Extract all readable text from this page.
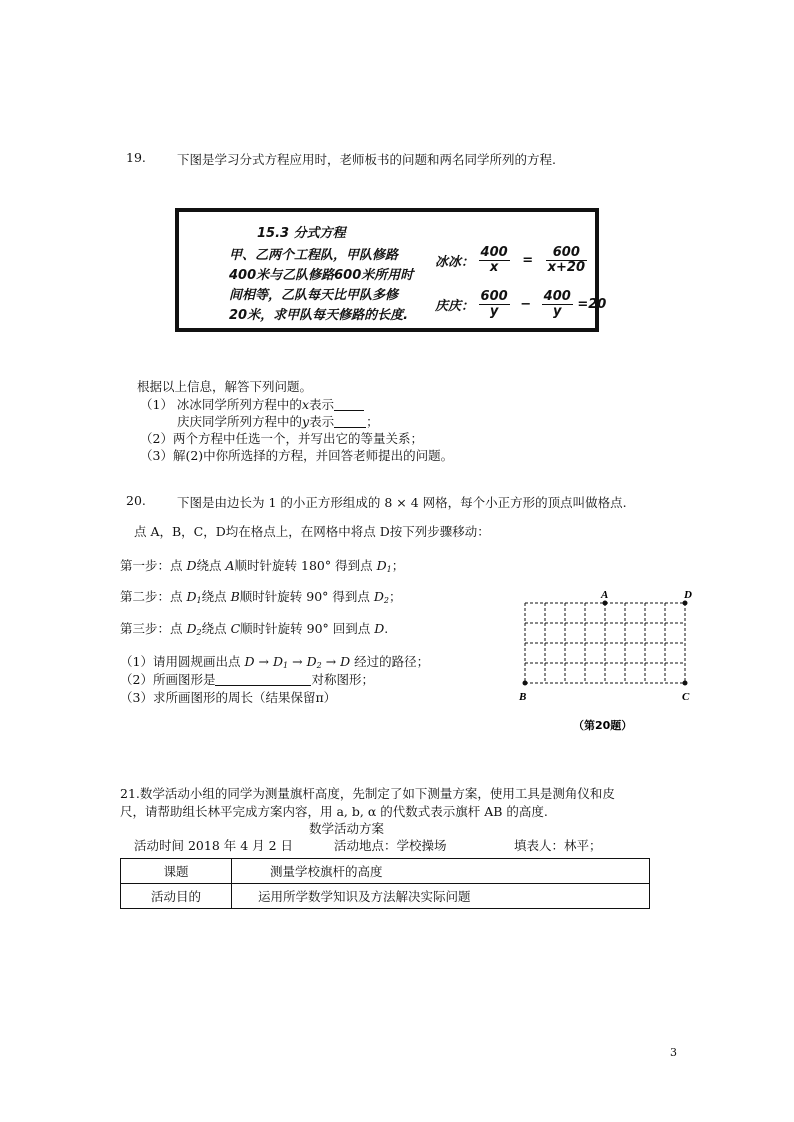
19. 下图是学习分式方程应用时，老师板书的问题和两名同学所列的方程.
15.3 分式方程
甲、乙两个工程队，甲队修路
400米与乙队修路600米所用时
间相等，乙队每天比甲队多修
20米，求甲队每天修路的长度.
冰冰： $\frac{400}{x} = \frac{600}{x+20}$
庆庆： $\frac{600}{y} - \frac{400}{y} =20$
根据以上信息，解答下列问题。
（1） 冰冰同学所列方程中的x表示
庆庆同学所列方程中的y表示	；
（2）两个方程中任选一个，并写出它的等量关系；
（3）解(2)中你所选择的方程，并回答老师提出的问题。
20. 下图是由边长为 1 的小正方形组成的 8 × 4 网格，每个小正方形的顶点叫做格点.
点 A，B，C，D均在格点上，在网格中将点 D按下列步骤移动：
第一步：点 D绕点 A顺时针旋转 180° 得到点 $D_1$；
第二步：点 $D_1$绕点 B顺时针旋转 90° 得到点 $D_2$；
第三步：点 $D_2$绕点 C顺时针旋转 90° 回到点 D.
（1）请用圆规画出点 $D \to D_1 \to D_2 \to D$ 经过的路径；
（2）所画图形是	对称图形；
（3）求所画图形的周长（结果保留π）
A	D
B	C
（第20题）
21.数学活动小组的同学为测量旗杆高度，先制定了如下测量方案，使用工具是测角仪和皮
尺，请帮助组长林平完成方案内容，用 a, b, α 的代数式表示旗杆 AB 的高度.
数学活动方案
活动时间 2018 年 4 月 2 日	活动地点：学校操场	填表人：林平；
课题	测量学校旗杆的高度
活动目的	运用所学数学知识及方法解决实际问题
3
